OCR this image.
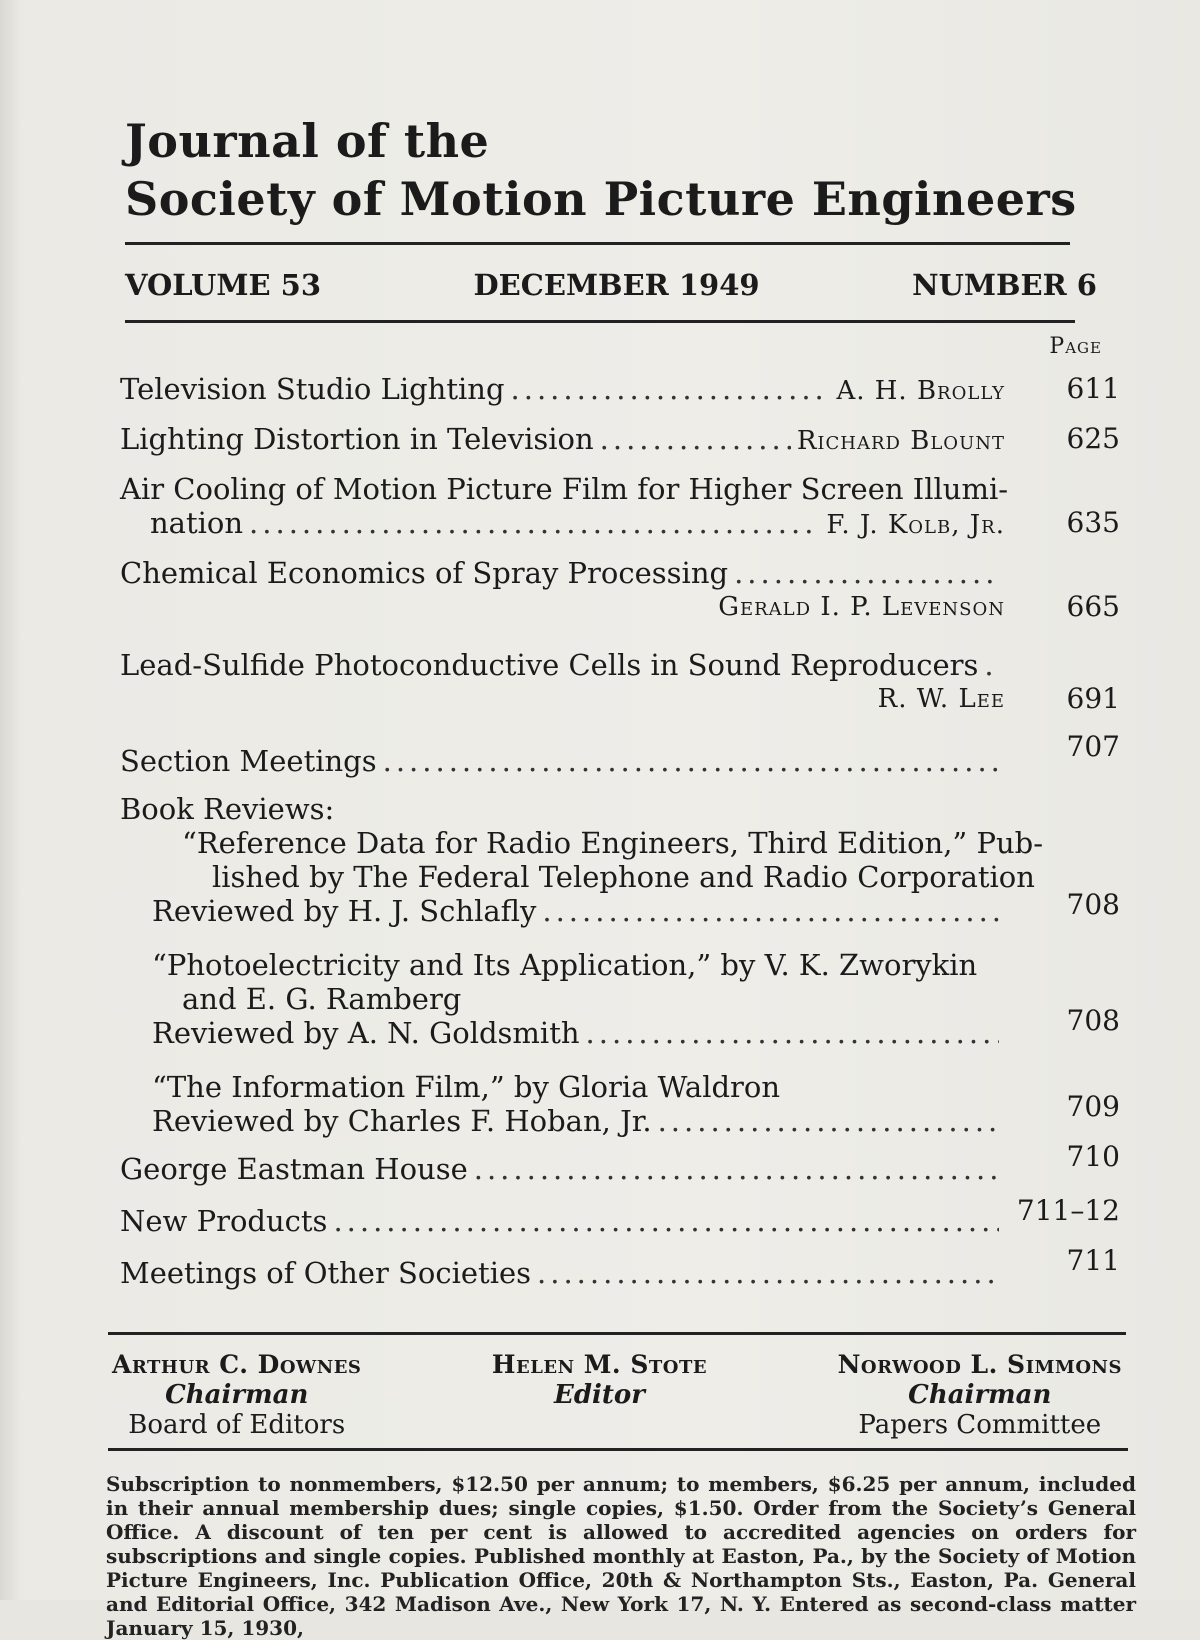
Journal of the
Society of Motion Picture Engineers
VOLUME 53	DECEMBER 1949	NUMBER 6
Page
Television Studio Lighting .....	A. H. Brolly	611
Lighting Distortion in Television .....	Richard Blount	625
Air Cooling of Motion Picture Film for Higher Screen Illumi-
nation .....	F. J. Kolb, Jr.	635
Chemical Economics of Spray Processing
.....
Gerald I. P. Levenson	665
Lead-Sulfide Photoconductive Cells in Sound Reproducers
.....
R. W. Lee	691
Section Meetings .....	707
Book Reviews:
“Reference Data for Radio Engineers, Third Edition,” Pub-
lished by The Federal Telephone and Radio Corporation
Reviewed by H. J. Schlafly .....	708
“Photoelectricity and Its Application,” by V. K. Zworykin
and E. G. Ramberg
Reviewed by A. N. Goldsmith .....	708
“The Information Film,” by Gloria Waldron
Reviewed by Charles F. Hoban, Jr. .....	709
George Eastman House .....	710
New Products .....	711–12
Meetings of Other Societies .....	711
Arthur C. Downes
Chairman
Board of Editors
Helen M. Stote
Editor
Norwood L. Simmons
Chairman
Papers Committee
Subscription to nonmembers, $12.50 per annum; to members, $6.25 per annum, included in their annual membership dues; single copies, $1.50. Order from the Society’s General Office. A discount of ten per cent is allowed to accredited agencies on orders for subscriptions and single copies. Published monthly at Easton, Pa., by the Society of Motion Picture Engineers, Inc. Publication Office, 20th & Northampton Sts., Easton, Pa. General and Editorial Office, 342 Madison Ave., New York 17, N. Y. Entered as second-class matter January 15, 1930,
